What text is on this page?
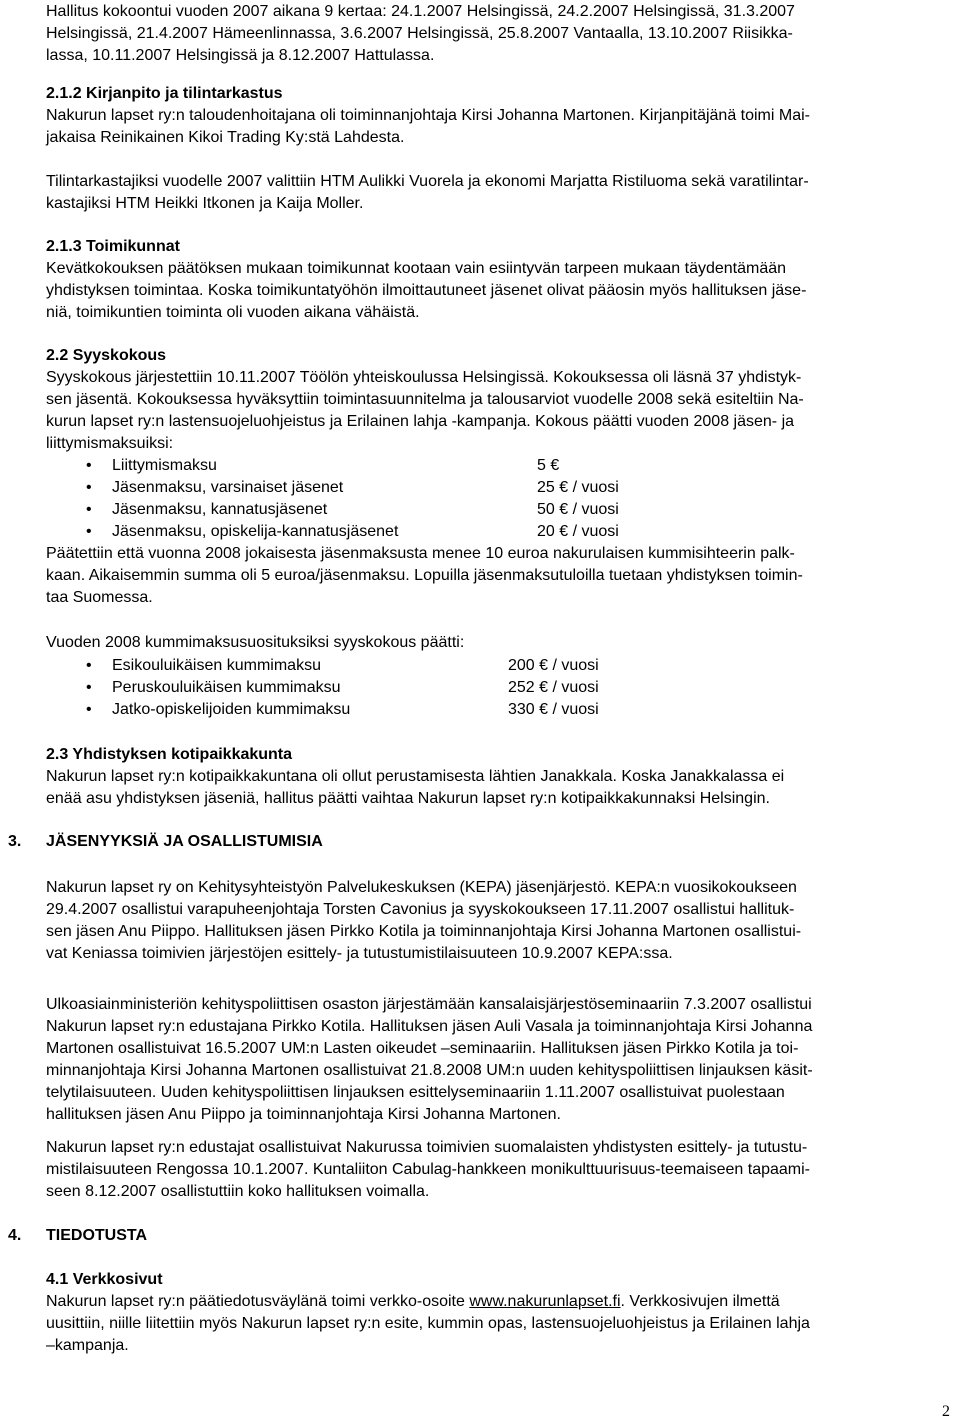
Hallitus kokoontui vuoden 2007 aikana 9 kertaa: 24.1.2007 Helsingissä, 24.2.2007 Helsingissä, 31.3.2007
Helsingissä, 21.4.2007 Hämeenlinnassa, 3.6.2007 Helsingissä, 25.8.2007 Vantaalla, 13.10.2007 Riisikka-
lassa, 10.11.2007 Helsingissä ja 8.12.2007 Hattulassa.

2.1.2 Kirjanpito ja tilintarkastus
Nakurun lapset ry:n taloudenhoitajana oli toiminnanjohtaja Kirsi Johanna Martonen. Kirjanpitäjänä toimi Mai-
jakaisa Reinikainen Kikoi Trading Ky:stä Lahdesta.

Tilintarkastajiksi vuodelle 2007 valittiin HTM Aulikki Vuorela ja ekonomi Marjatta Ristiluoma sekä varatilintar-
kastajiksi HTM Heikki Itkonen ja Kaija Moller.

2.1.3 Toimikunnat
Kevätkokouksen päätöksen mukaan toimikunnat kootaan vain esiintyvän tarpeen mukaan täydentämään
yhdistyksen toimintaa. Koska toimikuntatyöhön ilmoittautuneet jäsenet olivat pääosin myös hallituksen jäse-
niä, toimikuntien toiminta oli vuoden aikana vähäistä.

2.2 Syyskokous
Syyskokous järjestettiin 10.11.2007 Töölön yhteiskoulussa Helsingissä. Kokouksessa oli läsnä 37 yhdistyk-
sen jäsentä. Kokouksessa hyväksyttiin toimintasuunnitelma ja talousarviot vuodelle 2008 sekä esiteltiin Na-
kurun lapset ry:n lastensuojeluohjeistus ja Erilainen lahja -kampanja. Kokous päätti vuoden 2008 jäsen- ja
liittymismaksuiksi:

• Liittymismaksu	5 €
• Jäsenmaksu, varsinaiset jäsenet	25 € / vuosi
• Jäsenmaksu, kannatusjäsenet	50 € / vuosi
• Jäsenmaksu, opiskelija-kannatusjäsenet	20 € / vuosi

Päätettiin että vuonna 2008 jokaisesta jäsenmaksusta menee 10 euroa nakurulaisen kummisihteerin palk-
kaan. Aikaisemmin summa oli 5 euroa/jäsenmaksu. Lopuilla jäsenmaksutuloilla tuetaan yhdistyksen toimin-
taa Suomessa.

Vuoden 2008 kummimaksusuosituksiksi syyskokous päätti:

• Esikouluikäisen kummimaksu	200 € / vuosi
• Peruskouluikäisen kummimaksu	252 € / vuosi
• Jatko-opiskelijoiden kummimaksu	330 € / vuosi

2.3 Yhdistyksen kotipaikkakunta
Nakurun lapset ry:n kotipaikkakuntana oli ollut perustamisesta lähtien Janakkala. Koska Janakkalassa ei
enää asu yhdistyksen jäseniä, hallitus päätti vaihtaa Nakurun lapset ry:n kotipaikkakunnaksi Helsingin.

3. JÄSENYYKSIÄ JA OSALLISTUMISIA

Nakurun lapset ry on Kehitysyhteistyön Palvelukeskuksen (KEPA) jäsenjärjestö. KEPA:n vuosikokoukseen
29.4.2007 osallistui varapuheenjohtaja Torsten Cavonius ja syyskokoukseen 17.11.2007 osallistui hallituk-
sen jäsen Anu Piippo. Hallituksen jäsen Pirkko Kotila ja toiminnanjohtaja Kirsi Johanna Martonen osallistui-
vat Keniassa toimivien järjestöjen esittely- ja tutustumistilaisuuteen 10.9.2007 KEPA:ssa.

Ulkoasiainministeriön kehityspoliittisen osaston järjestämään kansalaisjärjestöseminaariin 7.3.2007 osallistui
Nakurun lapset ry:n edustajana Pirkko Kotila. Hallituksen jäsen Auli Vasala ja toiminnanjohtaja Kirsi Johanna
Martonen osallistuivat 16.5.2007 UM:n Lasten oikeudet –seminaariin. Hallituksen jäsen Pirkko Kotila ja toi-
minnanjohtaja Kirsi Johanna Martonen osallistuivat 21.8.2008 UM:n uuden kehityspoliittisen linjauksen käsit-
telytilaisuuteen. Uuden kehityspoliittisen linjauksen esittelyseminaariin 1.11.2007 osallistuivat puolestaan
hallituksen jäsen Anu Piippo ja toiminnanjohtaja Kirsi Johanna Martonen.

Nakurun lapset ry:n edustajat osallistuivat Nakurussa toimivien suomalaisten yhdistysten esittely- ja tutustu-
mistilaisuuteen Rengossa 10.1.2007. Kuntaliiton Cabulag-hankkeen monikulttuurisuus-teemaiseen tapaami-
seen 8.12.2007 osallistuttiin koko hallituksen voimalla.

4. TIEDOTUSTA

4.1 Verkkosivut
Nakurun lapset ry:n päätiedotusväylänä toimi verkko-osoite www.nakurunlapset.fi. Verkkosivujen ilmettä
uusittiin, niille liitettiin myös Nakurun lapset ry:n esite, kummin opas, lastensuojeluohjeistus ja Erilainen lahja
–kampanja.

2
